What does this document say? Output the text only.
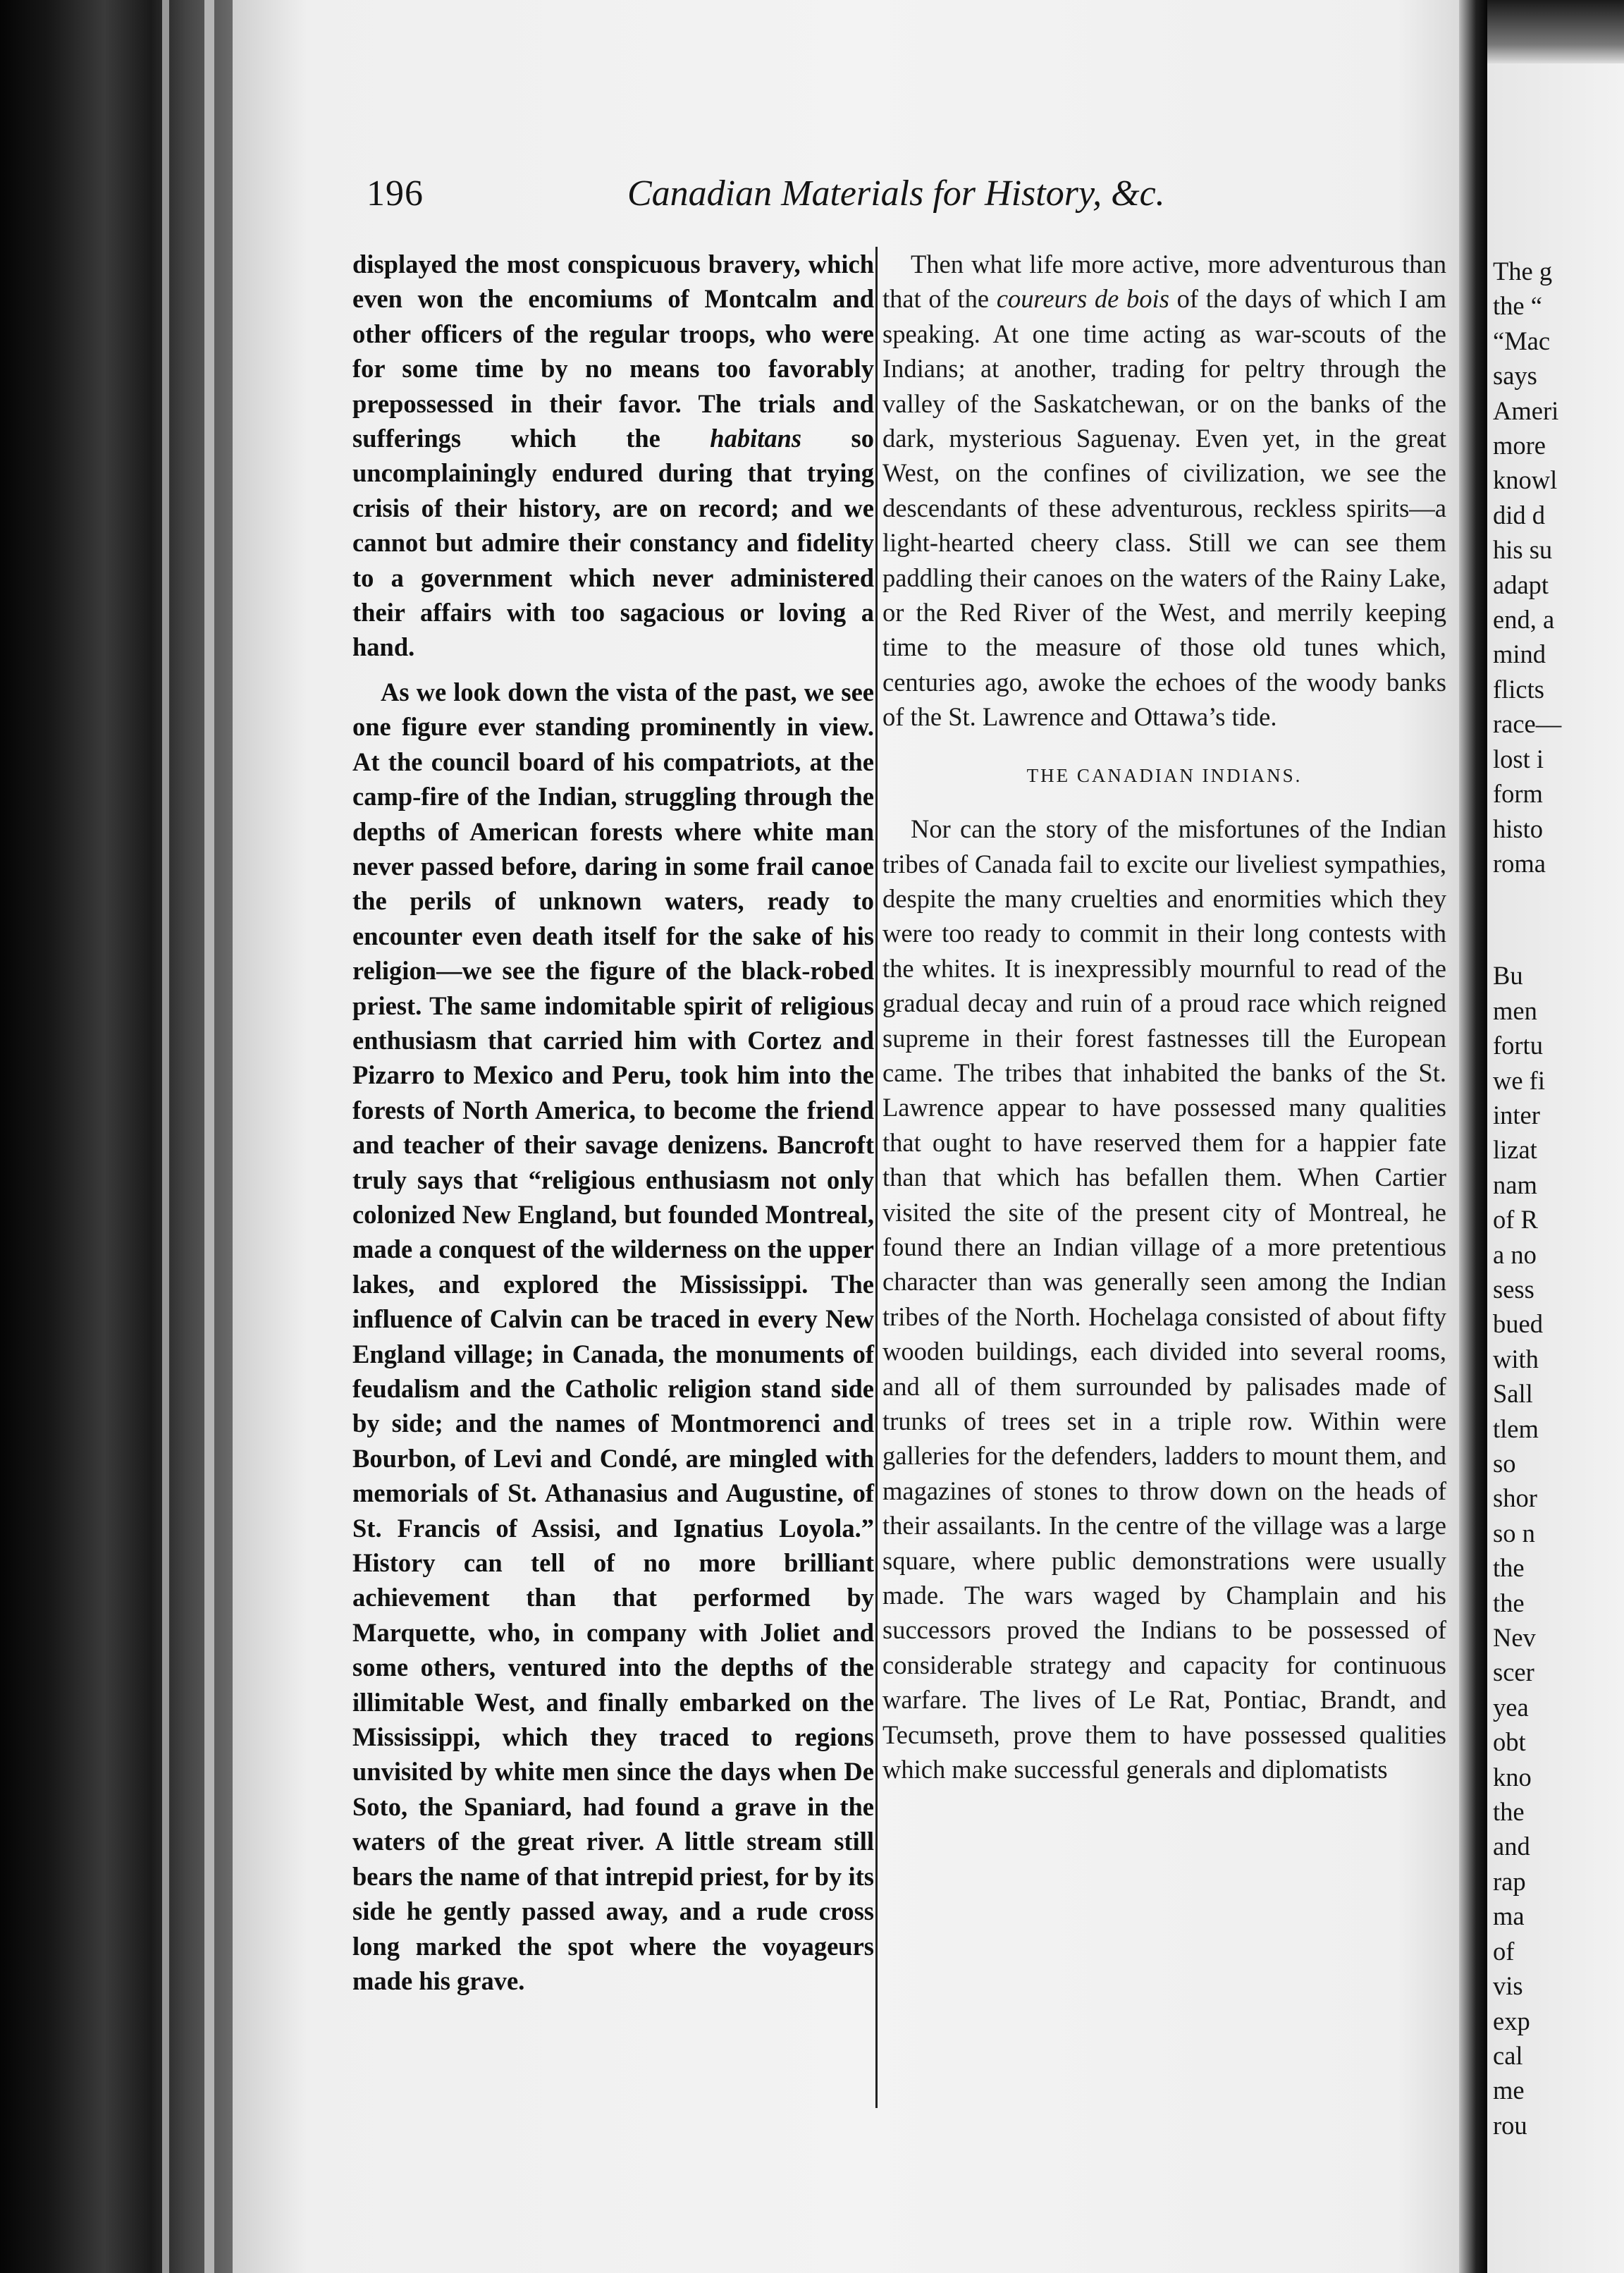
The g
the “
“Mac
says
Ameri
more
knowl
did d
his su
adapt
end, a
mind
flicts
race—
lost i
form
histo
roma
Bu
men
fortu
we fi
inter
lizat
nam
of R
a no
sess
bued
with
Sall
tlem
so
shor
so n
the
the
Nev
scer
yea
obt
kno
the
and
rap
ma
of
vis
exp
cal
me
rou
196	Canadian Materials for History, &c.

displayed the most conspicuous bravery, which even won the encomiums of Montcalm and other officers of the regular troops, who were for some time by no means too favorably prepossessed in their favor. The trials and sufferings which the habitans so uncomplainingly endured during that trying crisis of their history, are on record; and we cannot but admire their constancy and fidelity to a government which never administered their affairs with too sagacious or loving a hand.

As we look down the vista of the past, we see one figure ever standing prominently in view. At the council board of his compatriots, at the camp-fire of the Indian, struggling through the depths of American forests where white man never passed before, daring in some frail canoe the perils of unknown waters, ready to encounter even death itself for the sake of his religion—we see the figure of the black-robed priest. The same indomitable spirit of religious enthusiasm that carried him with Cortez and Pizarro to Mexico and Peru, took him into the forests of North America, to become the friend and teacher of their savage denizens. Bancroft truly says that “religious enthusiasm not only colonized New England, but founded Montreal, made a conquest of the wilderness on the upper lakes, and explored the Mississippi. The influence of Calvin can be traced in every New England village; in Canada, the monuments of feudalism and the Catholic religion stand side by side; and the names of Montmorenci and Bourbon, of Levi and Condé, are mingled with memorials of St. Athanasius and Augustine, of St. Francis of Assisi, and Ignatius Loyola.” History can tell of no more brilliant achievement than that performed by Marquette, who, in company with Joliet and some others, ventured into the depths of the illimitable West, and finally embarked on the Mississippi, which they traced to regions unvisited by white men since the days when De Soto, the Spaniard, had found a grave in the waters of the great river. A little stream still bears the name of that intrepid priest, for by its side he gently passed away, and a rude cross long marked the spot where the voyageurs made his grave.

Then what life more active, more adventurous than that of the coureurs de bois of the days of which I am speaking. At one time acting as war-scouts of the Indians; at another, trading for peltry through the valley of the Saskatchewan, or on the banks of the dark, mysterious Saguenay. Even yet, in the great West, on the confines of civilization, we see the descendants of these adventurous, reckless spirits—a light-hearted cheery class. Still we can see them paddling their canoes on the waters of the Rainy Lake, or the Red River of the West, and merrily keeping time to the measure of those old tunes which, centuries ago, awoke the echoes of the woody banks of the St. Lawrence and Ottawa’s tide.

THE CANADIAN INDIANS.

Nor can the story of the misfortunes of the Indian tribes of Canada fail to excite our liveliest sympathies, despite the many cruelties and enormities which they were too ready to commit in their long contests with the whites. It is inexpressibly mournful to read of the gradual decay and ruin of a proud race which reigned supreme in their forest fastnesses till the European came. The tribes that inhabited the banks of the St. Lawrence appear to have possessed many qualities that ought to have reserved them for a happier fate than that which has befallen them. When Cartier visited the site of the present city of Montreal, he found there an Indian village of a more pretentious character than was generally seen among the Indian tribes of the North. Hochelaga consisted of about fifty wooden buildings, each divided into several rooms, and all of them surrounded by palisades made of trunks of trees set in a triple row. Within were galleries for the defenders, ladders to mount them, and magazines of stones to throw down on the heads of their assailants. In the centre of the village was a large square, where public demonstrations were usually made. The wars waged by Champlain and his successors proved the Indians to be possessed of considerable strategy and capacity for continuous warfare. The lives of Le Rat, Pontiac, Brandt, and Tecumseth, prove them to have possessed qualities which make successful generals and diplomatists
